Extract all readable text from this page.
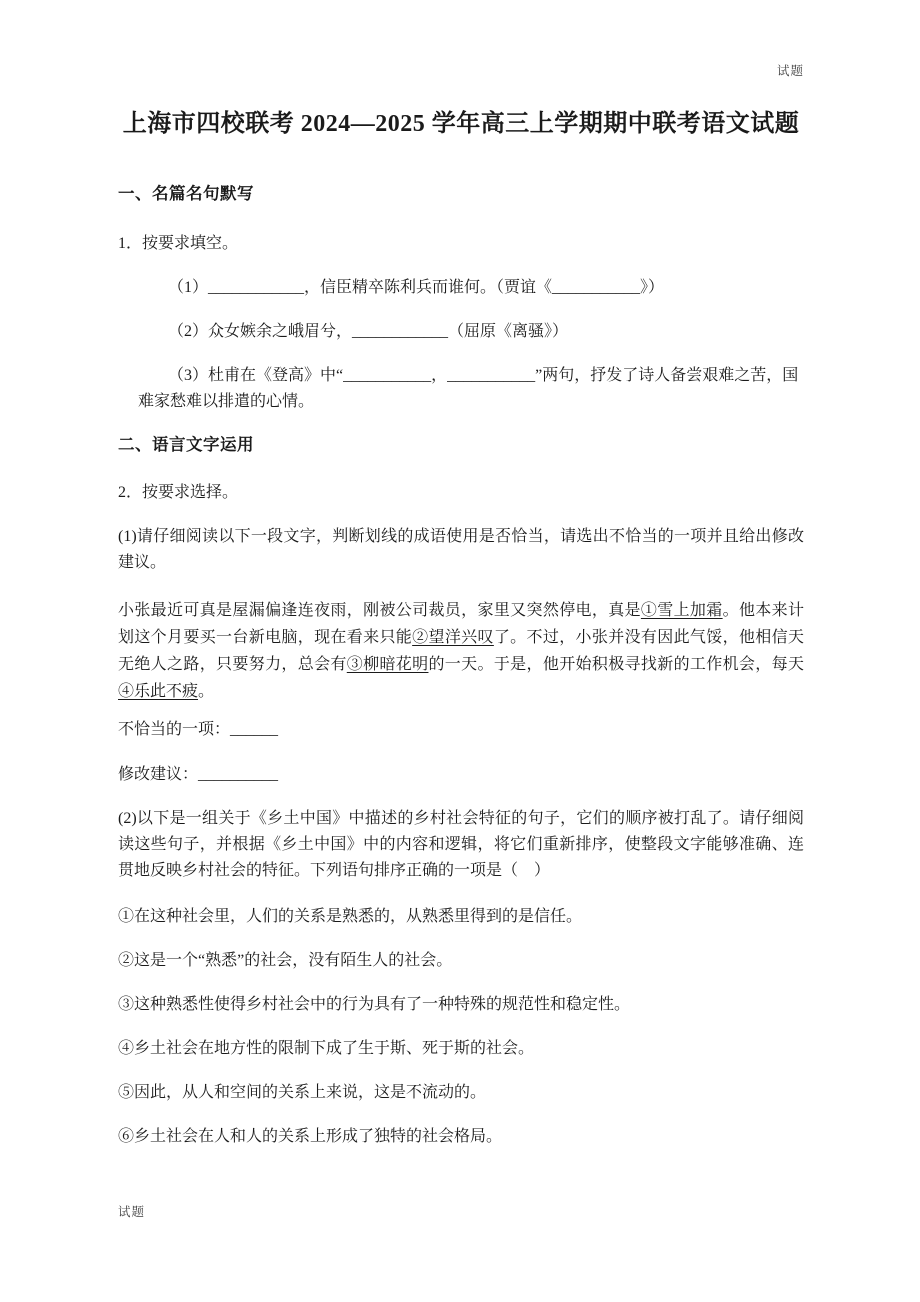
试题
上海市四校联考 2024—2025 学年高三上学期期中联考语文试题
一、名篇名句默写

1．按要求填空。

（1）____________，信臣精卒陈利兵而谁何。（贾谊《___________》）

（2）众女嫉余之峨眉兮，____________（屈原《离骚》）

（3）杜甫在《登高》中“___________，___________”两句，抒发了诗人备尝艰难之苦，国难家愁难以排遣的心情。

二、语言文字运用

2．按要求选择。

(1)请仔细阅读以下一段文字，判断划线的成语使用是否恰当，请选出不恰当的一项并且给出修改建议。

小张最近可真是屋漏偏逢连夜雨，刚被公司裁员，家里又突然停电，真是①雪上加霜。他本来计划这个月要买一台新电脑，现在看来只能②望洋兴叹了。不过，小张并没有因此气馁，他相信天无绝人之路，只要努力，总会有③柳暗花明的一天。于是，他开始积极寻找新的工作机会，每天④乐此不疲。

不恰当的一项：______

修改建议：__________

(2)以下是一组关于《乡土中国》中描述的乡村社会特征的句子，它们的顺序被打乱了。请仔细阅读这些句子，并根据《乡土中国》中的内容和逻辑，将它们重新排序，使整段文字能够准确、连贯地反映乡村社会的特征。下列语句排序正确的一项是（　）

①在这种社会里，人们的关系是熟悉的，从熟悉里得到的是信任。

②这是一个“熟悉”的社会，没有陌生人的社会。

③这种熟悉性使得乡村社会中的行为具有了一种特殊的规范性和稳定性。

④乡土社会在地方性的限制下成了生于斯、死于斯的社会。

⑤因此，从人和空间的关系上来说，这是不流动的。

⑥乡土社会在人和人的关系上形成了独特的社会格局。

试题
